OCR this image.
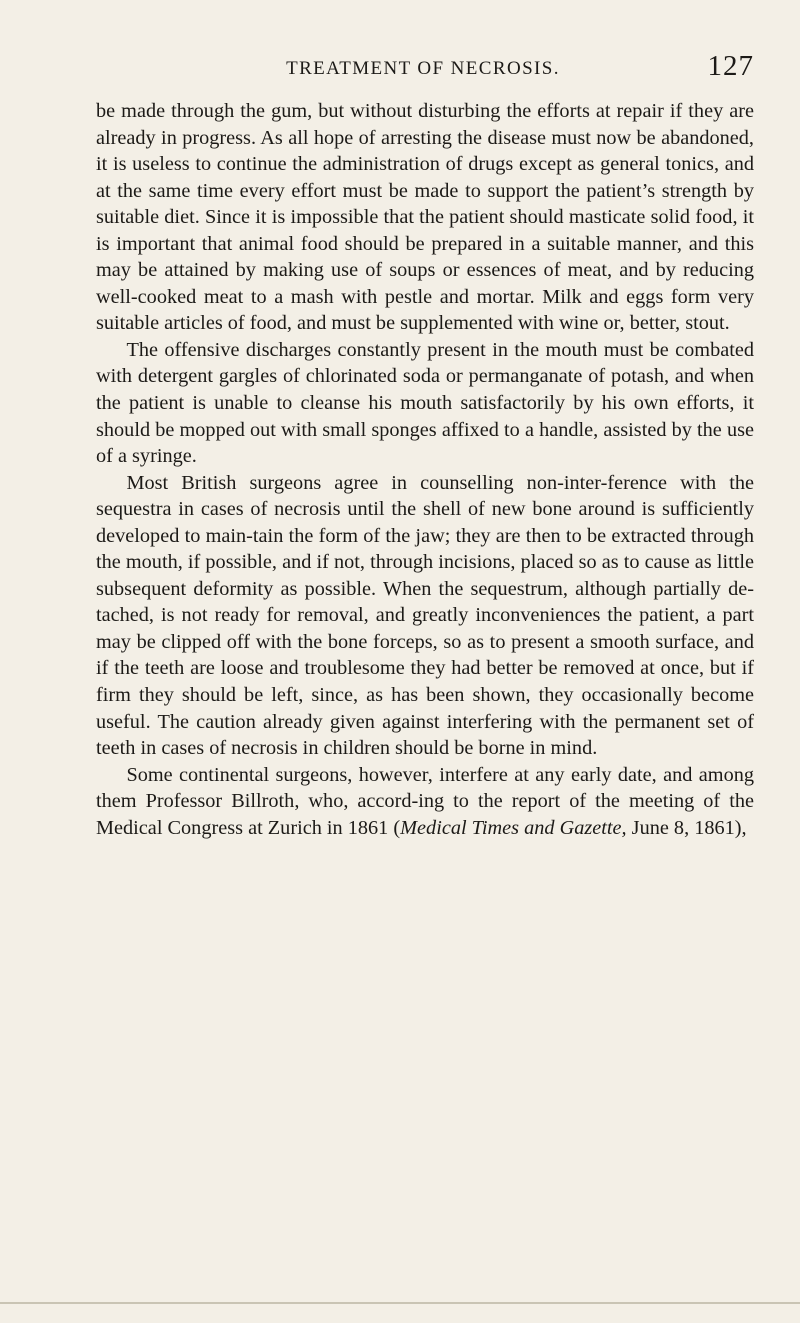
TREATMENT OF NECROSIS.	127

be made through the gum, but without disturbing the efforts at repair if they are already in progress. As all hope of arresting the disease must now be abandoned, it is useless to continue the administration of drugs except as general tonics, and at the same time every effort must be made to support the patient’s strength by suitable diet. Since it is impossible that the patient should masticate solid food, it is important that animal food should be prepared in a suitable manner, and this may be attained by making use of soups or essences of meat, and by reducing well-cooked meat to a mash with pestle and mortar. Milk and eggs form very suitable articles of food, and must be supplemented with wine or, better, stout.

The offensive discharges constantly present in the mouth must be combated with detergent gargles of chlorinated soda or permanganate of potash, and when the patient is unable to cleanse his mouth satisfactorily by his own efforts, it should be mopped out with small sponges affixed to a handle, assisted by the use of a syringe.

Most British surgeons agree in counselling non-inter-ference with the sequestra in cases of necrosis until the shell of new bone around is sufficiently developed to main-tain the form of the jaw; they are then to be extracted through the mouth, if possible, and if not, through incisions, placed so as to cause as little subsequent deformity as possible. When the sequestrum, although partially de-tached, is not ready for removal, and greatly inconveniences the patient, a part may be clipped off with the bone forceps, so as to present a smooth surface, and if the teeth are loose and troublesome they had better be removed at once, but if firm they should be left, since, as has been shown, they occasionally become useful. The caution already given against interfering with the permanent set of teeth in cases of necrosis in children should be borne in mind.

Some continental surgeons, however, interfere at any early date, and among them Professor Billroth, who, accord-ing to the report of the meeting of the Medical Congress at Zurich in 1861 (Medical Times and Gazette, June 8, 1861),
